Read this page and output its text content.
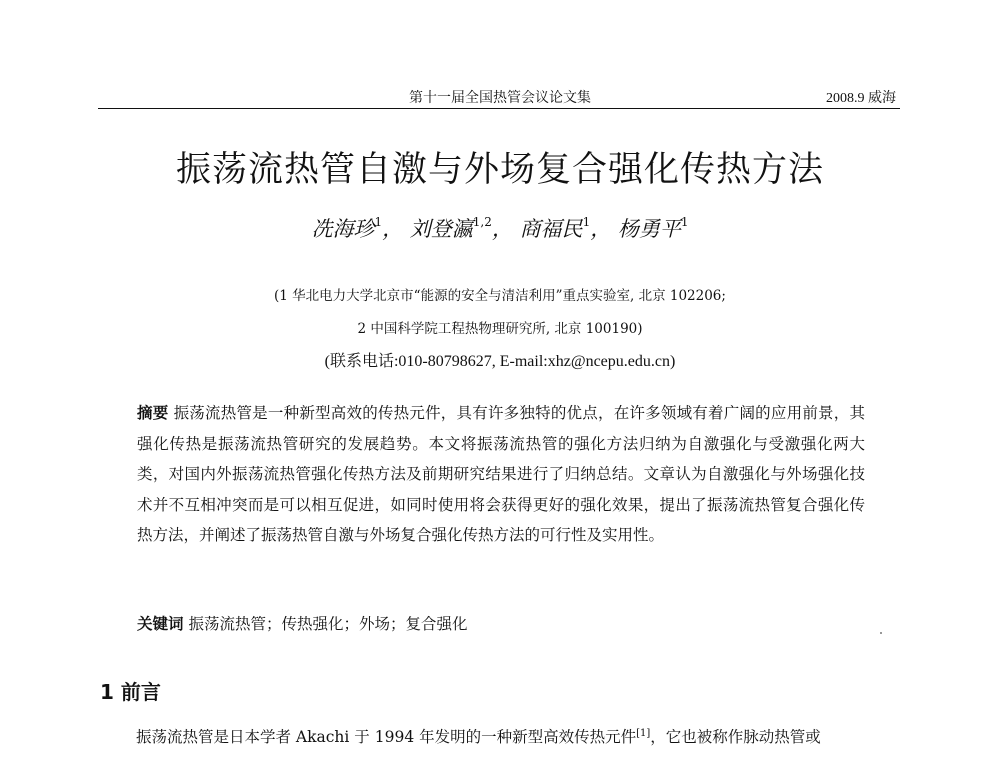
第十一届全国热管会议论文集	2008.9 威海
振荡流热管自激与外场复合强化传热方法
冼海珍$^1$， 刘登瀛$^{1,2}$， 商福民$^1$， 杨勇平$^1$
(1 华北电力大学北京市“能源的安全与清洁利用”重点实验室, 北京 102206;
2 中国科学院工程热物理研究所, 北京 100190)
(联系电话:010-80798627, E-mail:xhz@ncepu.edu.cn)

摘要 振荡流热管是一种新型高效的传热元件，具有许多独特的优点，在许多领域有着广阔的应用前景，其强化传热是振荡流热管研究的发展趋势。本文将振荡流热管的强化方法归纳为自激强化与受激强化两大类，对国内外振荡流热管强化传热方法及前期研究结果进行了归纳总结。文章认为自激强化与外场强化技术并不互相冲突而是可以相互促进，如同时使用将会获得更好的强化效果，提出了振荡流热管复合强化传热方法，并阐述了振荡热管自激与外场复合强化传热方法的可行性及实用性。

关键词 振荡流热管；传热强化；外场；复合强化
1 前言

振荡流热管是日本学者 Akachi 于 1994 年发明的一种新型高效传热元件[1]，它也被称作脉动热管或
